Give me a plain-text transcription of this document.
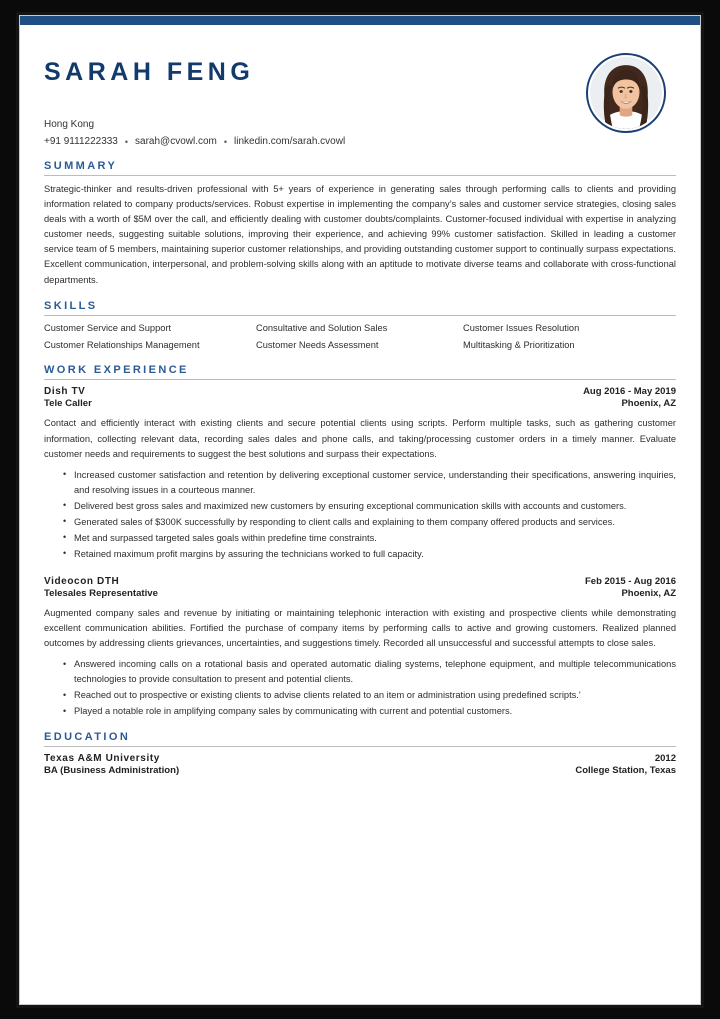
SARAH FENG
Hong Kong
+91 9111222333 • sarah@cvowl.com • linkedin.com/sarah.cvowl
SUMMARY

Strategic-thinker and results-driven professional with 5+ years of experience in generating sales through performing calls to clients and providing information related to company products/services. Robust expertise in implementing the company’s sales and customer service strategies, closing sales deals with a worth of $5M over the call, and efficiently dealing with customer doubts/complaints. Customer-focused individual with expertise in analyzing customer needs, suggesting suitable solutions, improving their experience, and achieving 99% customer satisfaction. Skilled in leading a customer service team of 5 members, maintaining superior customer relationships, and providing outstanding customer support to continually surpass expectations. Excellent communication, interpersonal, and problem-solving skills along with an aptitude to motivate diverse teams and collaborate with cross-functional departments.

SKILLS
Customer Service and Support	Consultative and Solution Sales	Customer Issues Resolution
Customer Relationships Management	Customer Needs Assessment	Multitasking & Prioritization
WORK EXPERIENCE
Dish TV	Aug 2016 - May 2019
Tele Caller	Phoenix, AZ

Contact and efficiently interact with existing clients and secure potential clients using scripts. Perform multiple tasks, such as gathering customer information, collecting relevant data, recording sales dales and phone calls, and taking/processing customer orders in a timely manner. Evaluate customer needs and requirements to suggest the best solutions and surpass their expectations.

• Increased customer satisfaction and retention by delivering exceptional customer service, understanding their specifications, answering inquiries, and resolving issues in a courteous manner.
• Delivered best gross sales and maximized new customers by ensuring exceptional communication skills with accounts and customers.
• Generated sales of $300K successfully by responding to client calls and explaining to them company offered products and services.
• Met and surpassed targeted sales goals within predefine time constraints.
• Retained maximum profit margins by assuring the technicians worked to full capacity.
Videocon DTH	Feb 2015 - Aug 2016
Telesales Representative	Phoenix, AZ

Augmented company sales and revenue by initiating or maintaining telephonic interaction with existing and prospective clients while demonstrating excellent communication abilities. Fortified the purchase of company items by performing calls to active and growing customers. Realized planned outcomes by addressing clients grievances, uncertainties, and suggestions timely. Recorded all unsuccessful and successful attempts to close sales.

• Answered incoming calls on a rotational basis and operated automatic dialing systems, telephone equipment, and multiple telecommunications technologies to provide consultation to present and potential clients.
• Reached out to prospective or existing clients to advise clients related to an item or administration using predefined scripts.'
• Played a notable role in amplifying company sales by communicating with current and potential customers.
EDUCATION
Texas A&M University	2012
BA (Business Administration)	College Station, Texas
